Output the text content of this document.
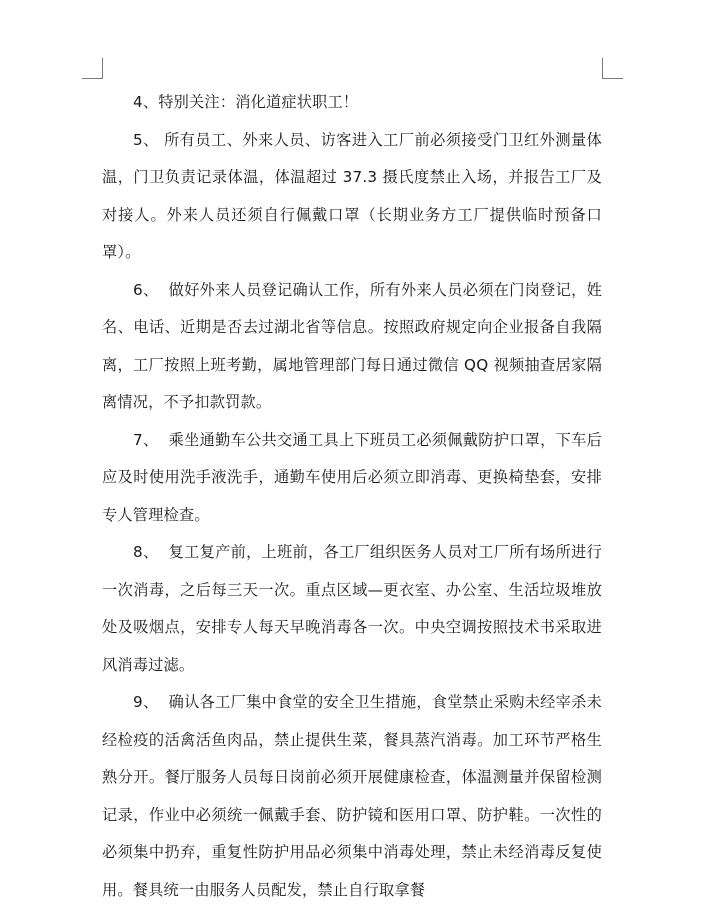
4、特别关注：消化道症状职工！

5、 所有员工、外来人员、访客进入工厂前必须接受门卫红外测量体温，门卫负责记录体温，体温超过 37.3 摄氏度禁止入场，并报告工厂及对接人。外来人员还须自行佩戴口罩（长期业务方工厂提供临时预备口罩）。

6、  做好外来人员登记确认工作，所有外来人员必须在门岗登记，姓名、电话、近期是否去过湖北省等信息。按照政府规定向企业报备自我隔离，工厂按照上班考勤，属地管理部门每日通过微信 QQ 视频抽查居家隔离情况，不予扣款罚款。

7、  乘坐通勤车公共交通工具上下班员工必须佩戴防护口罩，下车后应及时使用洗手液洗手，通勤车使用后必须立即消毒、更换椅垫套，安排专人管理检查。

8、  复工复产前，上班前，各工厂组织医务人员对工厂所有场所进行一次消毒，之后每三天一次。重点区域—更衣室、办公室、生活垃圾堆放处及吸烟点，安排专人每天早晚消毒各一次。中央空调按照技术书采取进风消毒过滤。

9、  确认各工厂集中食堂的安全卫生措施，食堂禁止采购未经宰杀未经检疫的活禽活鱼肉品，禁止提供生菜，餐具蒸汽消毒。加工环节严格生熟分开。餐厅服务人员每日岗前必须开展健康检查，体温测量并保留检测记录，作业中必须统一佩戴手套、防护镜和医用口罩、防护鞋。一次性的必须集中扔弃，重复性防护用品必须集中消毒处理，禁止未经消毒反复使用。餐具统一由服务人员配发，禁止自行取拿餐
